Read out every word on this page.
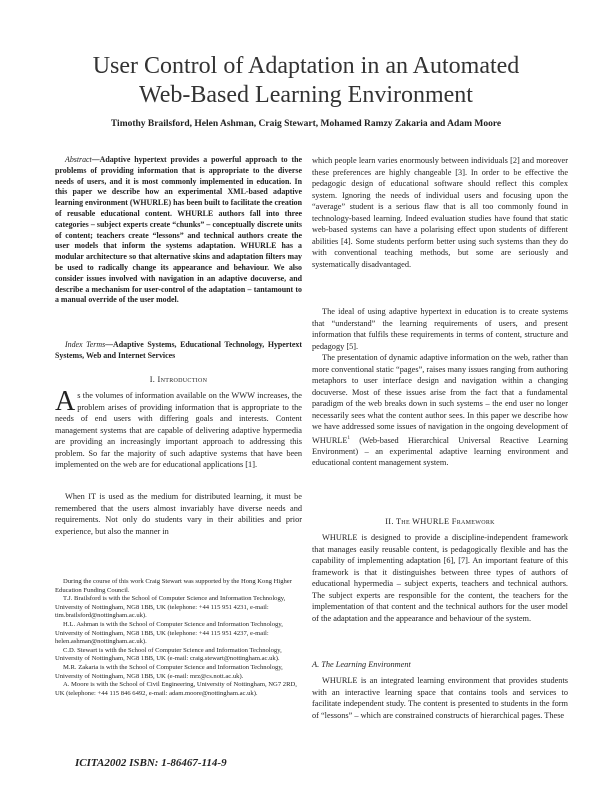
User Control of Adaptation in an Automated
Web-Based Learning Environment
Timothy Brailsford, Helen Ashman, Craig Stewart, Mohamed Ramzy Zakaria and Adam Moore

Abstract—Adaptive hypertext provides a powerful approach to the problems of providing information that is appropriate to the diverse needs of users, and it is most commonly implemented in education. In this paper we describe how an experimental XML-based adaptive learning environment (WHURLE) has been built to facilitate the creation of reusable educational content. WHURLE authors fall into three categories – subject experts create “chunks” – conceptually discrete units of content; teachers create “lessons” and technical authors create the user models that inform the systems adaptation. WHURLE has a modular architecture so that alternative skins and adaptation filters may be used to radically change its appearance and behaviour. We also consider issues involved with navigation in an adaptive docuverse, and describe a mechanism for user-control of the adaptation – tantamount to a manual override of the user model.

Index Terms—Adaptive Systems, Educational Technology, Hypertext Systems, Web and Internet Services

I. Introduction

As the volumes of information available on the WWW increases, the problem arises of providing information that is appropriate to the needs of end users with differing goals and interests. Content management systems that are capable of delivering adaptive hypermedia are providing an increasingly important approach to addressing this problem. So far the majority of such adaptive systems that have been implemented on the web are for educational applications [1].

When IT is used as the medium for distributed learning, it must be remembered that the users almost invariably have diverse needs and requirements. Not only do students vary in their abilities and prior experience, but also the manner in

During the course of this work Craig Stewart was supported by the Hong Kong Higher Education Funding Council.

T.J. Brailsford is with the School of Computer Science and Information Technology, University of Nottingham, NG8 1BB, UK (telephone: +44 115 951 4231, e-mail: tim.brailsford@nottingham.ac.uk).

H.L. Ashman is with the School of Computer Science and Information Technology, University of Nottingham, NG8 1BB, UK (telephone: +44 115 951 4237, e-mail: helen.ashman@nottingham.ac.uk).

C.D. Stewart is with the School of Computer Science and Information Technology, University of Nottingham, NG8 1BB, UK (e-mail: craig.stewart@nottingham.ac.uk).

M.R. Zakaria is with the School of Computer Science and Information Technology, University of Nottingham, NG8 1BB, UK (e-mail: mrz@cs.nott.ac.uk).

A. Moore is with the School of Civil Engineering, University of Nottingham, NG7 2RD, UK (telephone: +44 115 846 6492, e-mail: adam.moore@nottingham.ac.uk).

ICITA2002 ISBN: 1-86467-114-9

which people learn varies enormously between individuals [2] and moreover these preferences are highly changeable [3]. In order to be effective the pedagogic design of educational software should reflect this complex system. Ignoring the needs of individual users and focusing upon the “average” student is a serious flaw that is all too commonly found in technology-based learning. Indeed evaluation studies have found that static web-based systems can have a polarising effect upon students of different abilities [4]. Some students perform better using such systems than they do with conventional teaching methods, but some are seriously and systematically disadvantaged.

The ideal of using adaptive hypertext in education is to create systems that “understand” the learning requirements of users, and present information that fulfils these requirements in terms of content, structure and pedagogy [5].

The presentation of dynamic adaptive information on the web, rather than more conventional static “pages”, raises many issues ranging from authoring metaphors to user interface design and navigation within a changing docuverse. Most of these issues arise from the fact that a fundamental paradigm of the web breaks down in such systems – the end user no longer necessarily sees what the content author sees. In this paper we describe how we have addressed some issues of navigation in the ongoing development of WHURLE$^1$ (Web-based Hierarchical Universal Reactive Learning Environment) – an experimental adaptive learning environment and educational content management system.

II. The WHURLE Framework

WHURLE is designed to provide a discipline-independent framework that manages easily reusable content, is pedagogically flexible and has the capability of implementing adaptation [6], [7]. An important feature of this framework is that it distinguishes between three types of authors of educational hypermedia – subject experts, teachers and technical authors. The subject experts are responsible for the content, the teachers for the implementation of that content and the technical authors for the user model of the adaptation and the appearance and behaviour of the system.

A. The Learning Environment

WHURLE is an integrated learning environment that provides students with an interactive learning space that contains tools and services to facilitate independent study. The content is presented to students in the form of “lessons” – which are constrained constructs of hierarchical pages. These
